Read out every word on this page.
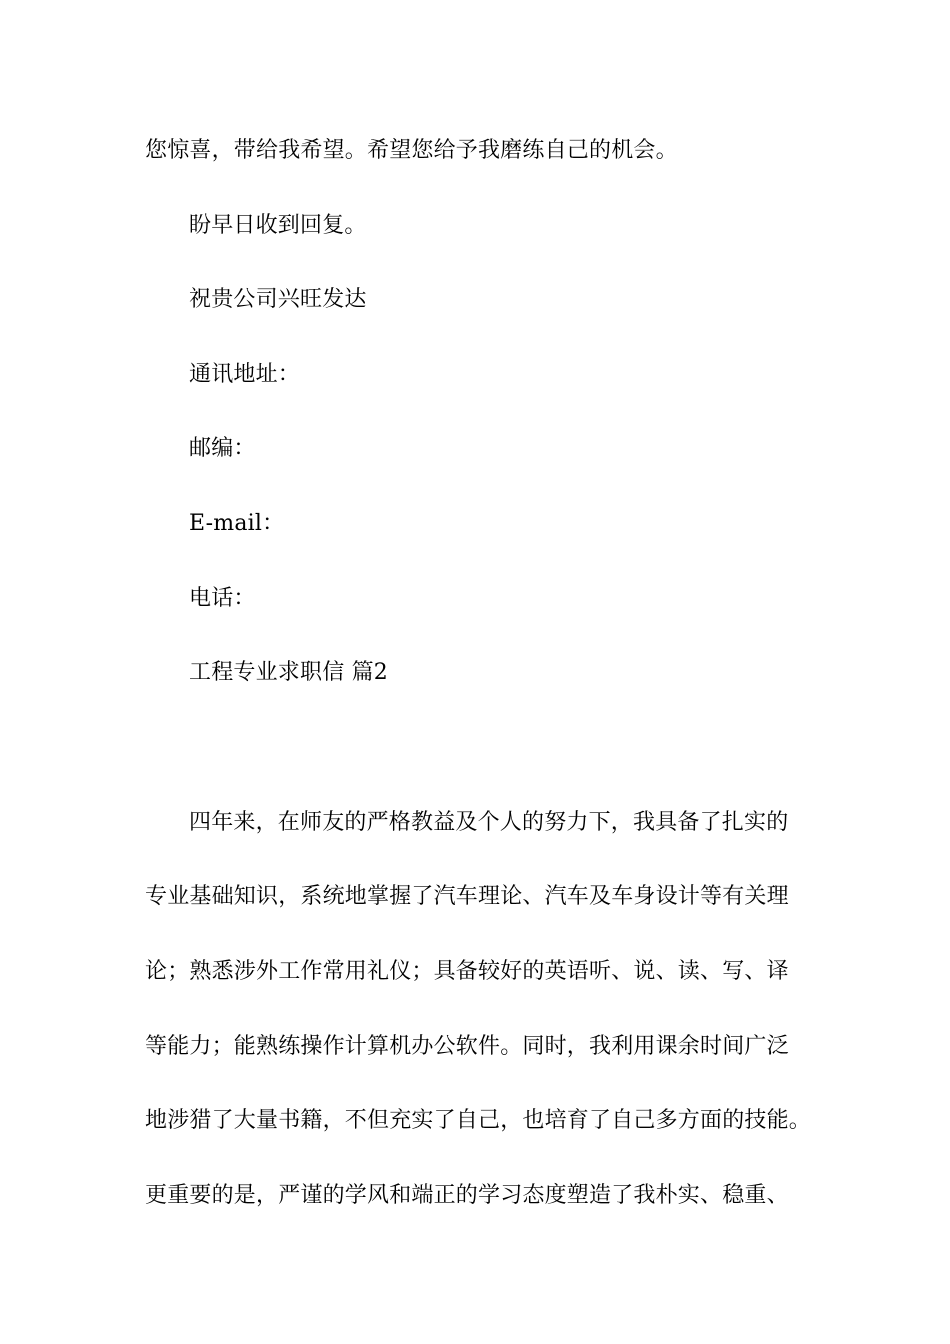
您惊喜，带给我希望。希望您给予我磨练自己的机会。
盼早日收到回复。
祝贵公司兴旺发达
通讯地址：
邮编：
E-mail：
电话：
工程专业求职信 篇2
四年来，在师友的严格教益及个人的努力下，我具备了扎实的
专业基础知识，系统地掌握了汽车理论、汽车及车身设计等有关理
论；熟悉涉外工作常用礼仪；具备较好的英语听、说、读、写、译
等能力；能熟练操作计算机办公软件。同时，我利用课余时间广泛
地涉猎了大量书籍，不但充实了自己，也培育了自己多方面的技能。
更重要的是，严谨的学风和端正的学习态度塑造了我朴实、稳重、
